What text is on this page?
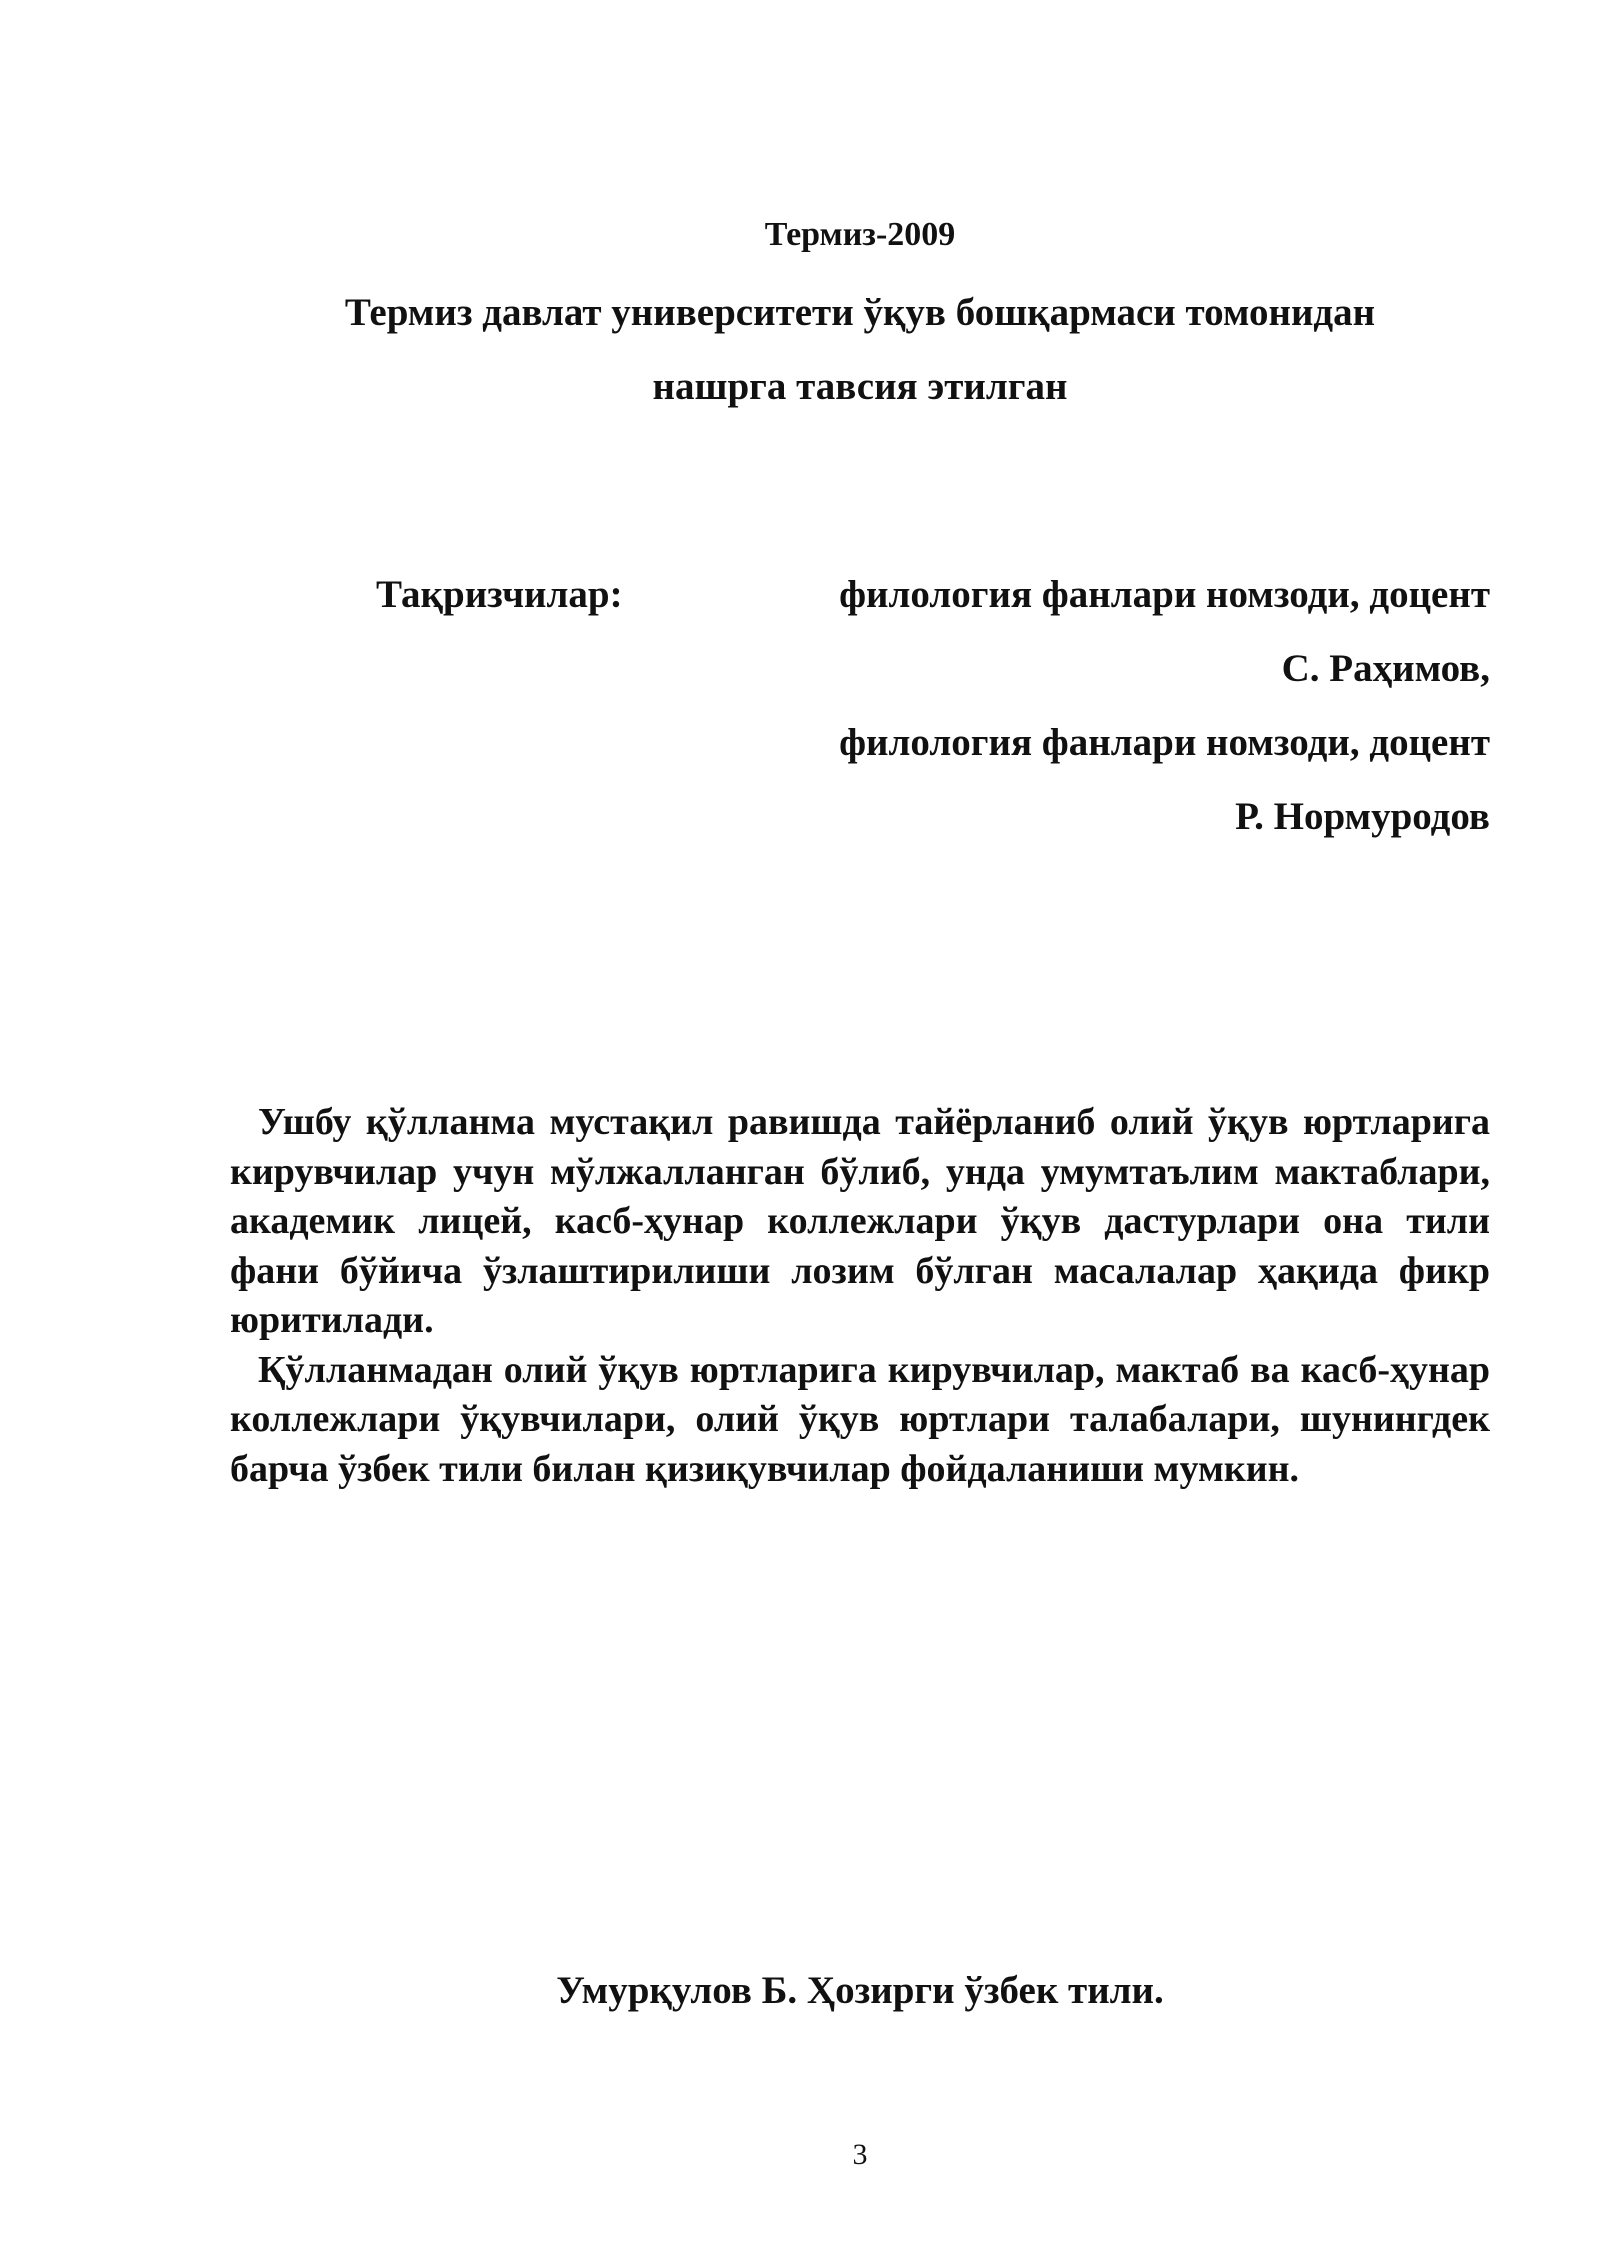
Термиз-2009
Термиз давлат университети ўқув бошқармаси томонидан
нашрга тавсия этилган
Тақризчилар:	филология фанлари номзоди, доцент
С. Раҳимов,
филология фанлари номзоди, доцент
Р. Нормуродов

Ушбу қўлланма мустақил равишда тайёрланиб олий ўқув юртларига кирувчилар учун мўлжалланган бўлиб, унда умумтаълим мактаблари, академик лицей, касб-ҳунар коллежлари ўқув дастурлари она тили фани бўйича ўзлаштирилиши лозим бўлган масалалар ҳақида фикр юритилади.

Қўлланмадан олий ўқув юртларига кирувчилар, мактаб ва касб-ҳунар коллежлари ўқувчилари, олий ўқув юртлари талабалари, шунингдек барча ўзбек тили билан қизиқувчилар фойдаланиши мумкин.

Умурқулов Б. Ҳозирги ўзбек тили.
3
